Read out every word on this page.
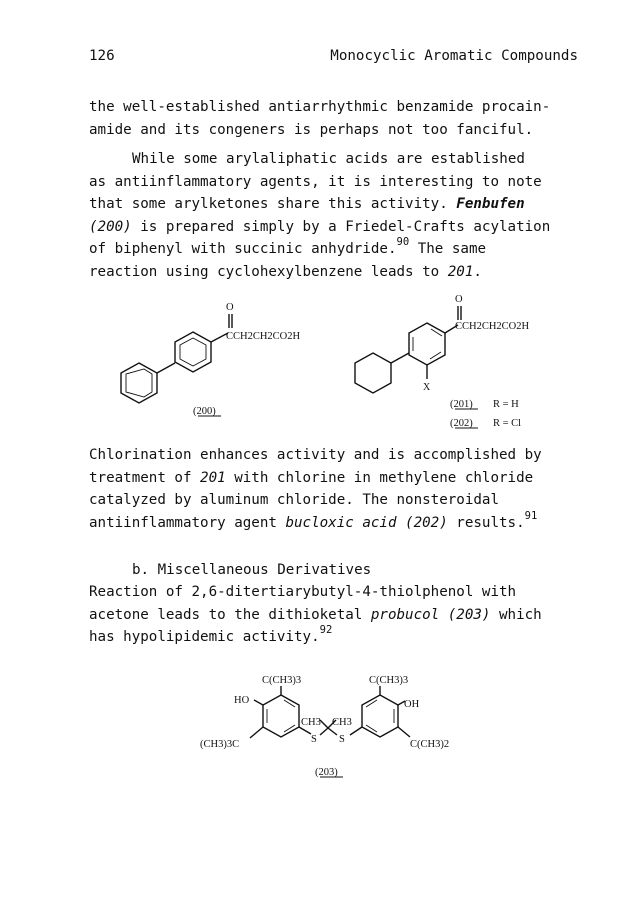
126	Monocyclic Aromatic Compounds
the well-established antiarrhythmic benzamide procain-
amide and its congeners is perhaps not too fanciful.
While some arylaliphatic acids are established
as antiinflammatory agents, it is interesting to note
that some arylketones share this activity. Fenbufen
(200) is prepared simply by a Friedel-Crafts acylation
of biphenyl with succinic anhydride.$^{90}$ The same
reaction using cyclohexylbenzene leads to 201.
O
CCH2CH2CO2H
(200)
X
O
CCH2CH2CO2H
(201) R = H
(202) R = Cl
Chlorination enhances activity and is accomplished by
treatment of 201 with chlorine in methylene chloride
catalyzed by aluminum chloride. The nonsteroidal
antiinflammatory agent bucloxic acid (202) results.$^{91}$
b. Miscellaneous Derivatives
Reaction of 2,6-ditertiarybutyl-4-thiolphenol with
acetone leads to the dithioketal probucol (203) which
has hypolipidemic activity.$^{92}$
C(CH3)3
HO
(CH3)3C	S
CH3 CH3
S
C(CH3)3
OH
C(CH3)2
(203)
